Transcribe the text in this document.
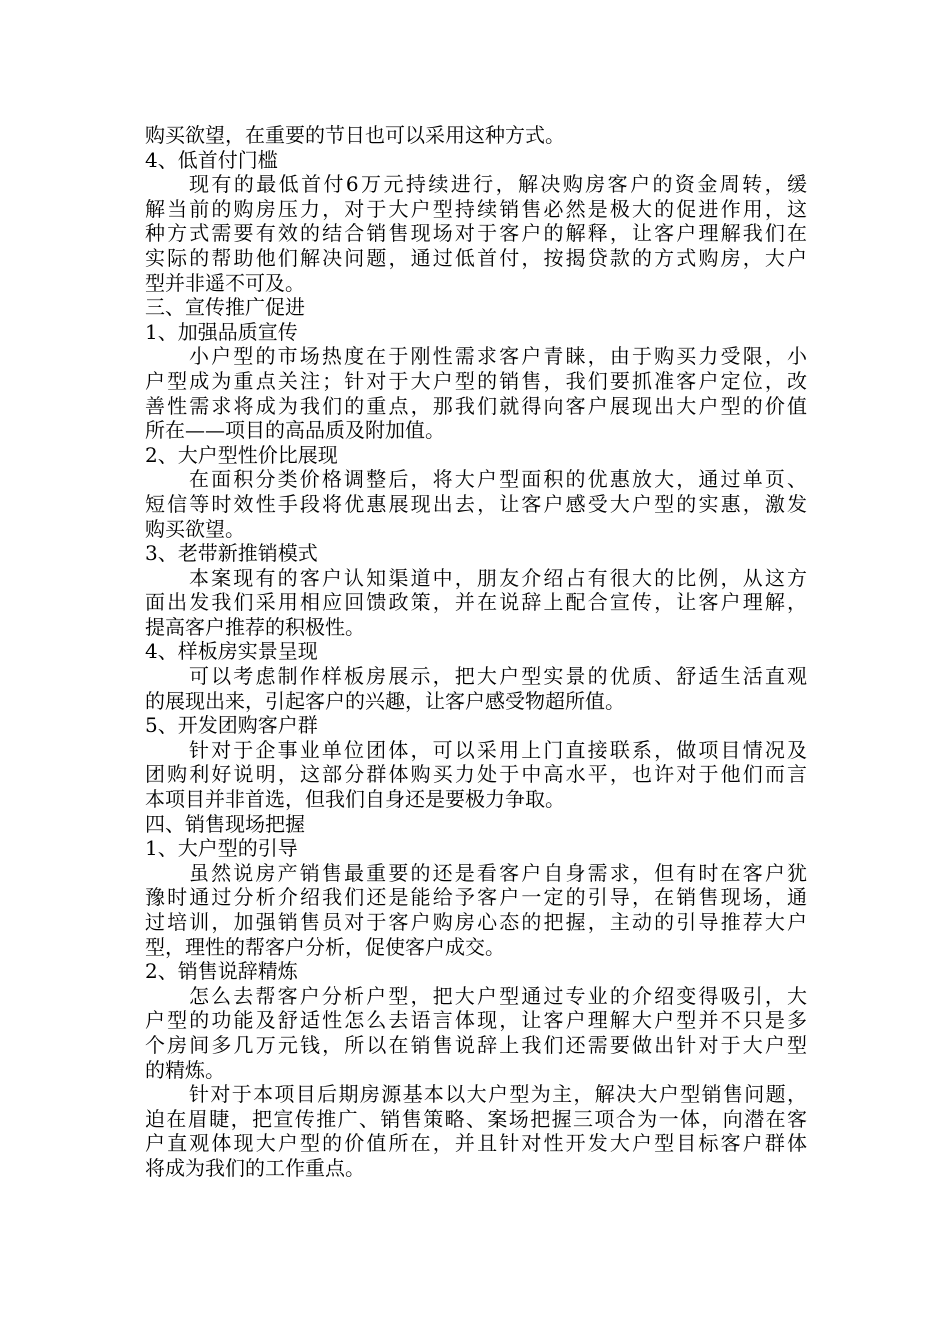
购买欲望，在重要的节日也可以采用这种方式。
4、低首付门槛
现有的最低首付6万元持续进行，解决购房客户的资金周转，缓
解当前的购房压力，对于大户型持续销售必然是极大的促进作用，这
种方式需要有效的结合销售现场对于客户的解释，让客户理解我们在
实际的帮助他们解决问题，通过低首付，按揭贷款的方式购房，大户
型并非遥不可及。
三、宣传推广促进
1、加强品质宣传
小户型的市场热度在于刚性需求客户青睐，由于购买力受限，小
户型成为重点关注；针对于大户型的销售，我们要抓准客户定位，改
善性需求将成为我们的重点，那我们就得向客户展现出大户型的价值
所在——项目的高品质及附加值。
2、大户型性价比展现
在面积分类价格调整后，将大户型面积的优惠放大，通过单页、
短信等时效性手段将优惠展现出去，让客户感受大户型的实惠，激发
购买欲望。
3、老带新推销模式
本案现有的客户认知渠道中，朋友介绍占有很大的比例，从这方
面出发我们采用相应回馈政策，并在说辞上配合宣传，让客户理解，
提高客户推荐的积极性。
4、样板房实景呈现
可以考虑制作样板房展示，把大户型实景的优质、舒适生活直观
的展现出来，引起客户的兴趣，让客户感受物超所值。
5、开发团购客户群
针对于企事业单位团体，可以采用上门直接联系，做项目情况及
团购利好说明，这部分群体购买力处于中高水平，也许对于他们而言
本项目并非首选，但我们自身还是要极力争取。
四、销售现场把握
1、大户型的引导
虽然说房产销售最重要的还是看客户自身需求，但有时在客户犹
豫时通过分析介绍我们还是能给予客户一定的引导，在销售现场，通
过培训，加强销售员对于客户购房心态的把握，主动的引导推荐大户
型，理性的帮客户分析，促使客户成交。
2、销售说辞精炼
怎么去帮客户分析户型，把大户型通过专业的介绍变得吸引，大
户型的功能及舒适性怎么去语言体现，让客户理解大户型并不只是多
个房间多几万元钱，所以在销售说辞上我们还需要做出针对于大户型
的精炼。
针对于本项目后期房源基本以大户型为主，解决大户型销售问题，
迫在眉睫，把宣传推广、销售策略、案场把握三项合为一体，向潜在客
户直观体现大户型的价值所在，并且针对性开发大户型目标客户群体
将成为我们的工作重点。
